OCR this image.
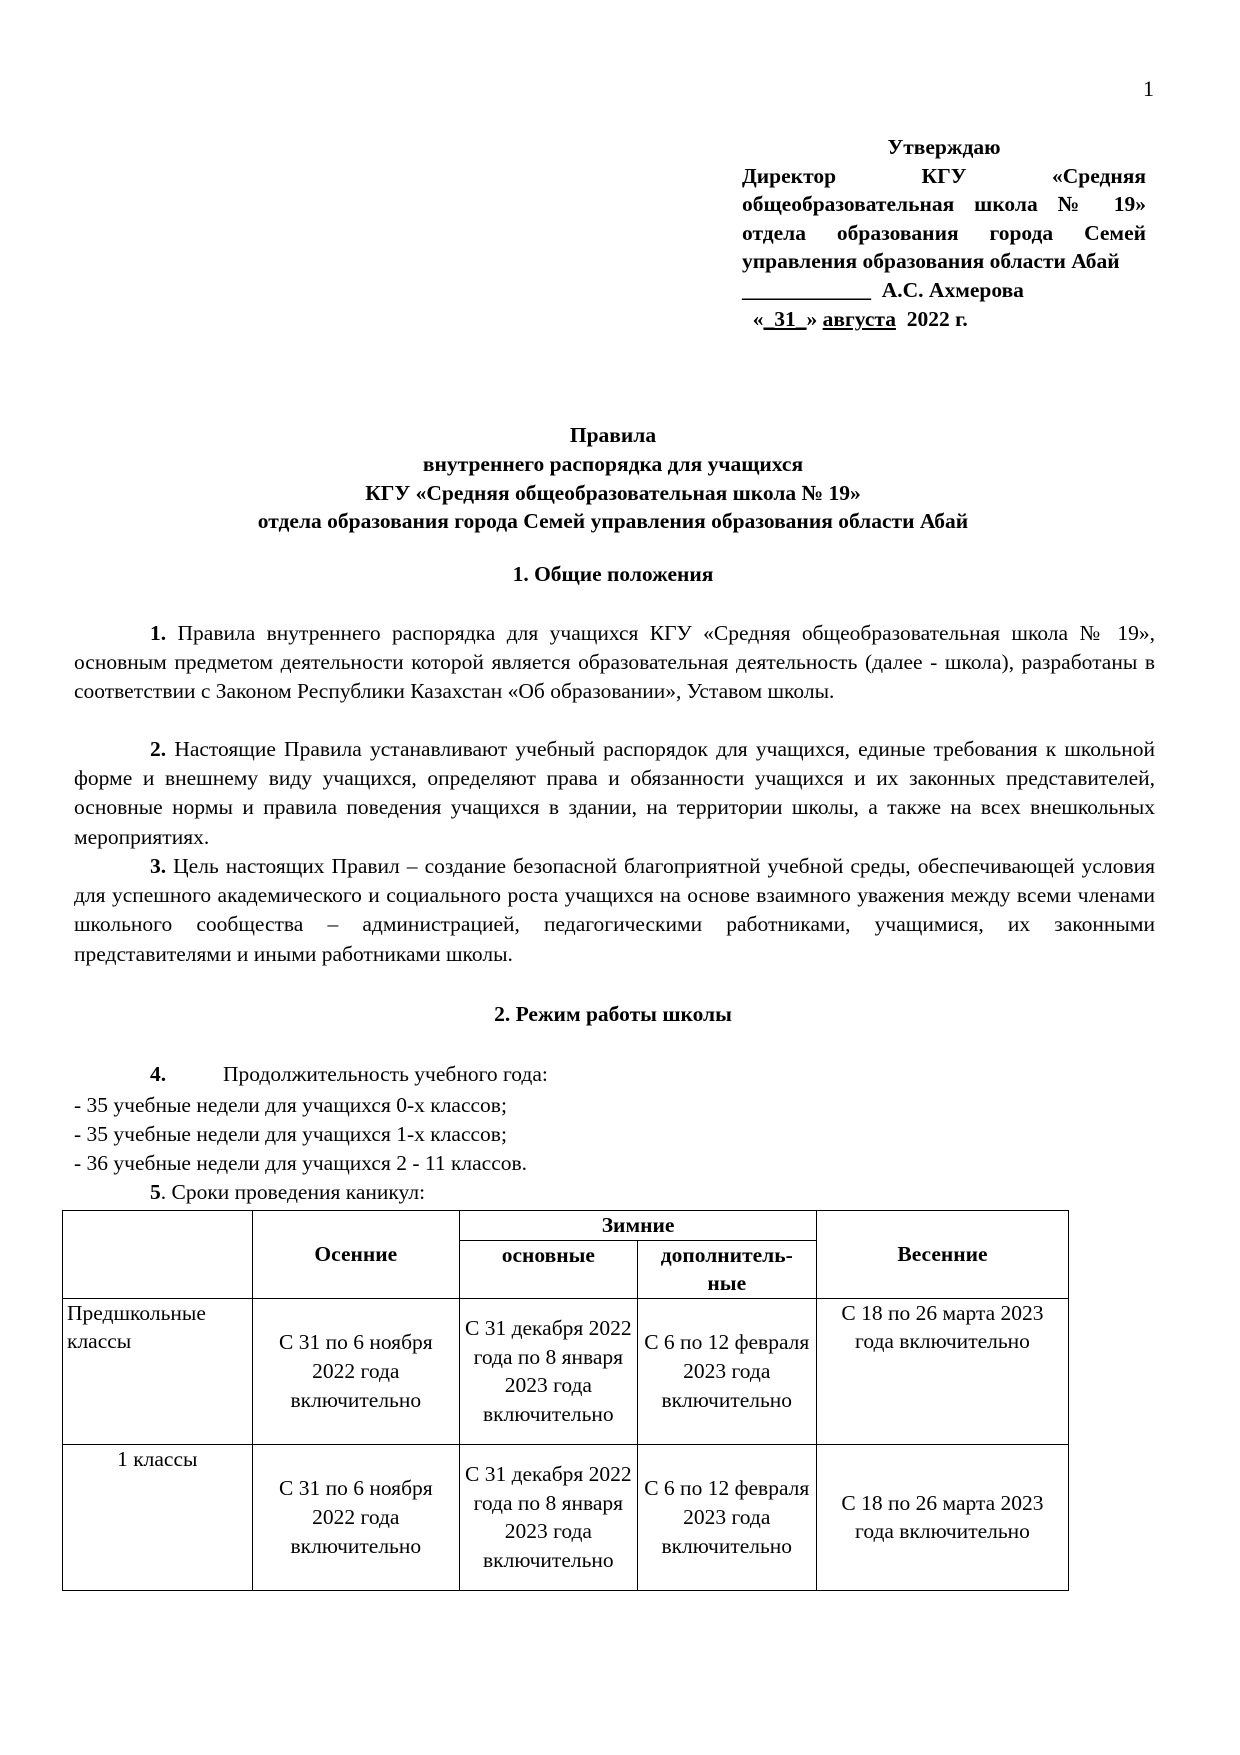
1
Утверждаю
Директор КГУ «Средняя общеобразовательная школа № 19» отдела образования города Семей управления образования области Абай
____________ А.С. Ахмерова
«_31_» августа 2022 г.
Правила
внутреннего распорядка для учащихся
КГУ «Средняя общеобразовательная школа № 19»
отдела образования города Семей управления образования области Абай
1. Общие положения

1. Правила внутреннего распорядка для учащихся КГУ «Средняя общеобразовательная школа № 19», основным предметом деятельности которой является образовательная деятельность (далее - школа), разработаны в соответствии с Законом Республики Казахстан «Об образовании», Уставом школы.

2. Настоящие Правила устанавливают учебный распорядок для учащихся, единые требования к школьной форме и внешнему виду учащихся, определяют права и обязанности учащихся и их законных представителей, основные нормы и правила поведения учащихся в здании, на территории школы, а также на всех внешкольных мероприятиях.

3. Цель настоящих Правил – создание безопасной благоприятной учебной среды, обеспечивающей условия для успешного академического и социального роста учащихся на основе взаимного уважения между всеми членами школьного сообщества – администрацией, педагогическими работниками, учащимися, их законными представителями и иными работниками школы.

2. Режим работы школы
4.	Продолжительность учебного года:
- 35 учебные недели для учащихся 0-х классов;
- 35 учебные недели для учащихся 1-х классов;
- 36 учебные недели для учащихся 2 - 11 классов.
5. Сроки проведения каникул:
	Осенние	Зимние		Весенние
		основные	дополнитель-ные	
Предшкольные классы	С 31 по 6 ноября 2022 года включительно	С 31 декабря 2022 года по 8 января 2023 года включительно	С 6 по 12 февраля 2023 года включительно	С 18 по 26 марта 2023 года включительно
1 классы	С 31 по 6 ноября 2022 года включительно	С 31 декабря 2022 года по 8 января 2023 года включительно	С 6 по 12 февраля 2023 года включительно	С 18 по 26 марта 2023 года включительно
